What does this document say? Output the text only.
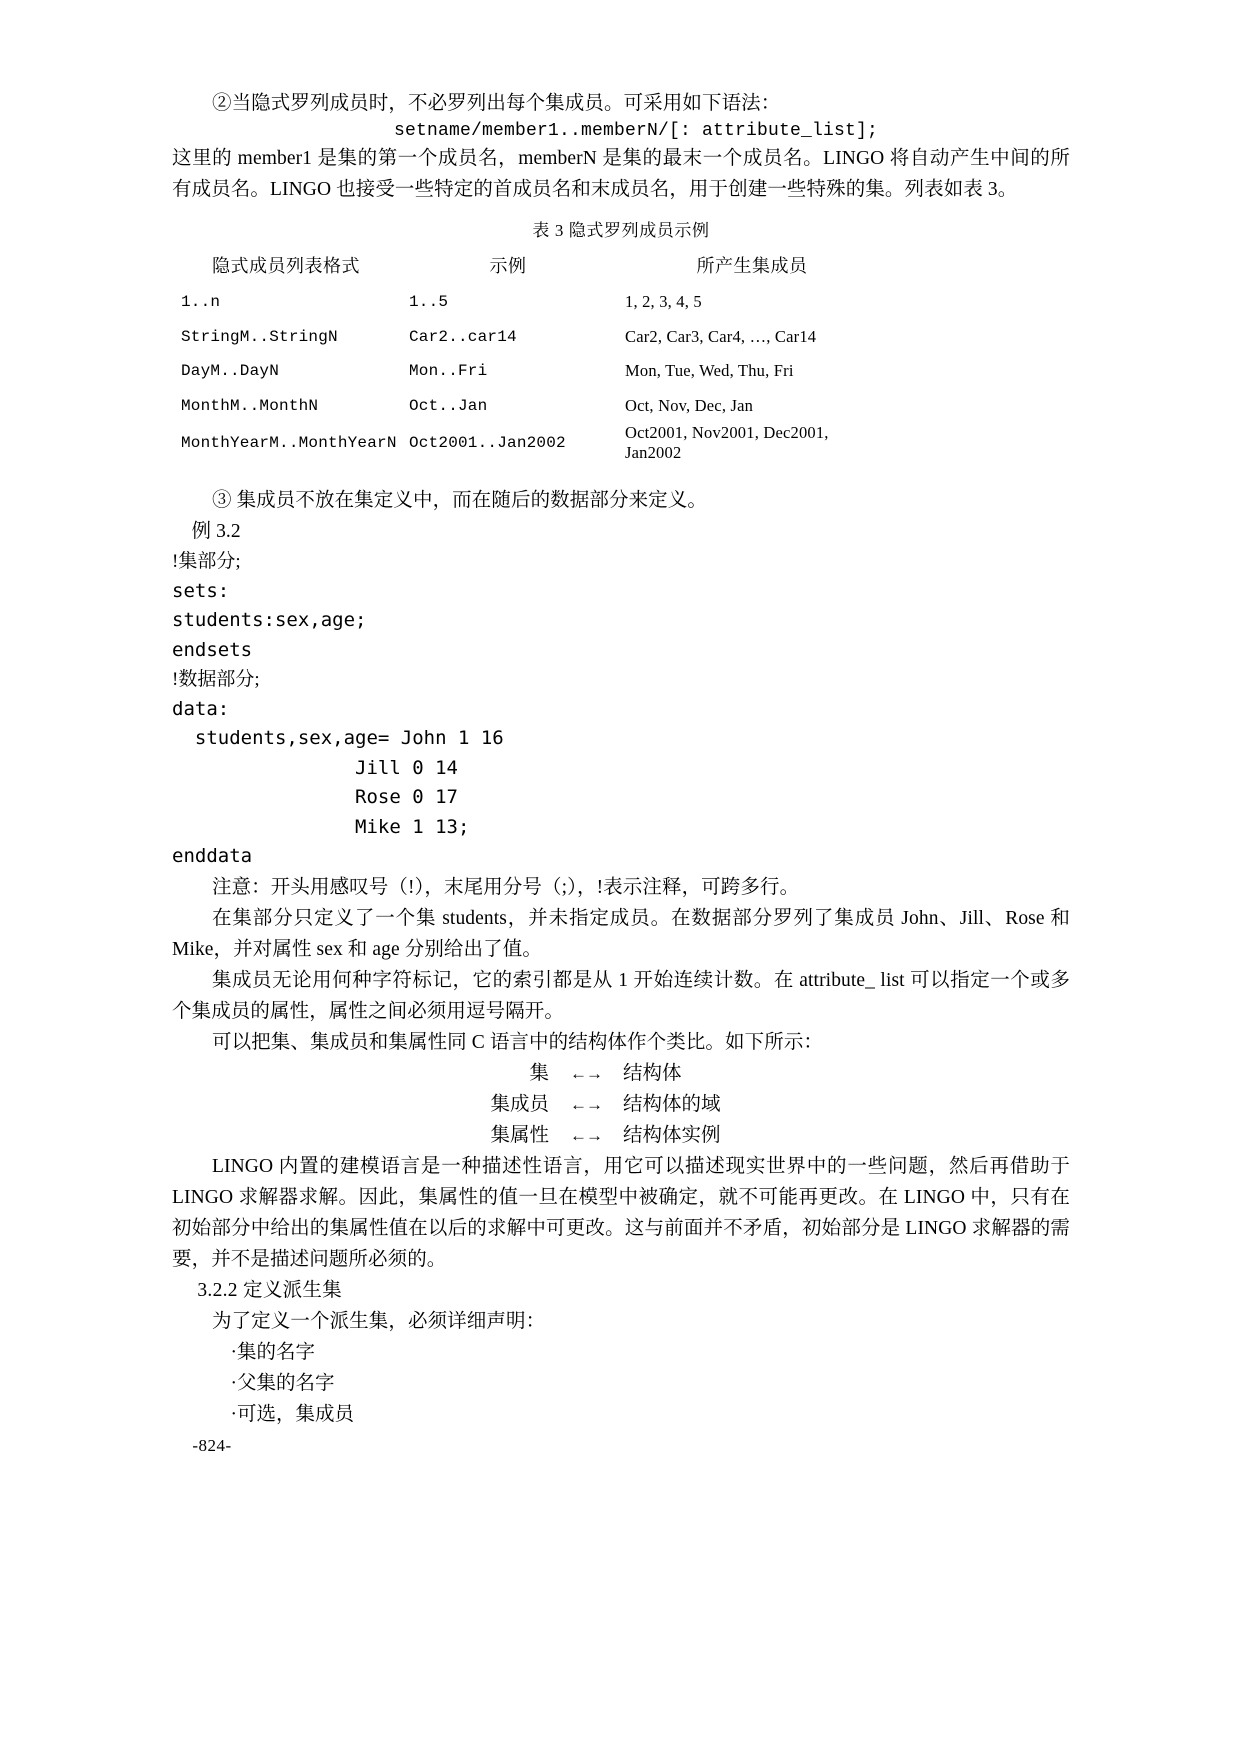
②当隐式罗列成员时，不必罗列出每个集成员。可采用如下语法：

setname/member1..memberN/[: attribute_list];

这里的 member1 是集的第一个成员名，memberN 是集的最末一个成员名。LINGO 将自动产生中间的所有成员名。LINGO 也接受一些特定的首成员名和末成员名，用于创建一些特殊的集。列表如表 3。

表 3 隐式罗列成员示例
隐式成员列表格式	示例	所产生集成员
1..n	1..5	1, 2, 3, 4, 5
StringM..StringN	Car2..car14	Car2, Car3, Car4, …, Car14
DayM..DayN	Mon..Fri	Mon, Tue, Wed, Thu, Fri
MonthM..MonthN	Oct..Jan	Oct, Nov, Dec, Jan
MonthYearM..MonthYearN	Oct2001..Jan2002	Oct2001, Nov2001, Dec2001, Jan2002

③ 集成员不放在集定义中，而在随后的数据部分来定义。

例 3.2

!集部分;
sets:
students:sex,age;
endsets
!数据部分;
data:
students,sex,age= John 1 16
Jill 0 14
Rose 0 17
Mike 1 13;
enddata

注意：开头用感叹号（!），末尾用分号（;），!表示注释，可跨多行。

在集部分只定义了一个集 students，并未指定成员。在数据部分罗列了集成员 John、Jill、Rose 和 Mike，并对属性 sex 和 age 分别给出了值。

集成员无论用何种字符标记，它的索引都是从 1 开始连续计数。在 attribute_ list 可以指定一个或多个集成员的属性，属性之间必须用逗号隔开。

可以把集、集成员和集属性同 C 语言中的结构体作个类比。如下所示：

集 ←→ 结构体

集成员 ←→ 结构体的域

集属性 ←→ 结构体实例

LINGO 内置的建模语言是一种描述性语言，用它可以描述现实世界中的一些问题，然后再借助于 LINGO 求解器求解。因此，集属性的值一旦在模型中被确定，就不可能再更改。在 LINGO 中，只有在初始部分中给出的集属性值在以后的求解中可更改。这与前面并不矛盾，初始部分是 LINGO 求解器的需要，并不是描述问题所必须的。

3.2.2 定义派生集

为了定义一个派生集，必须详细声明：

·集的名字

·父集的名字

·可选，集成员

-824-
